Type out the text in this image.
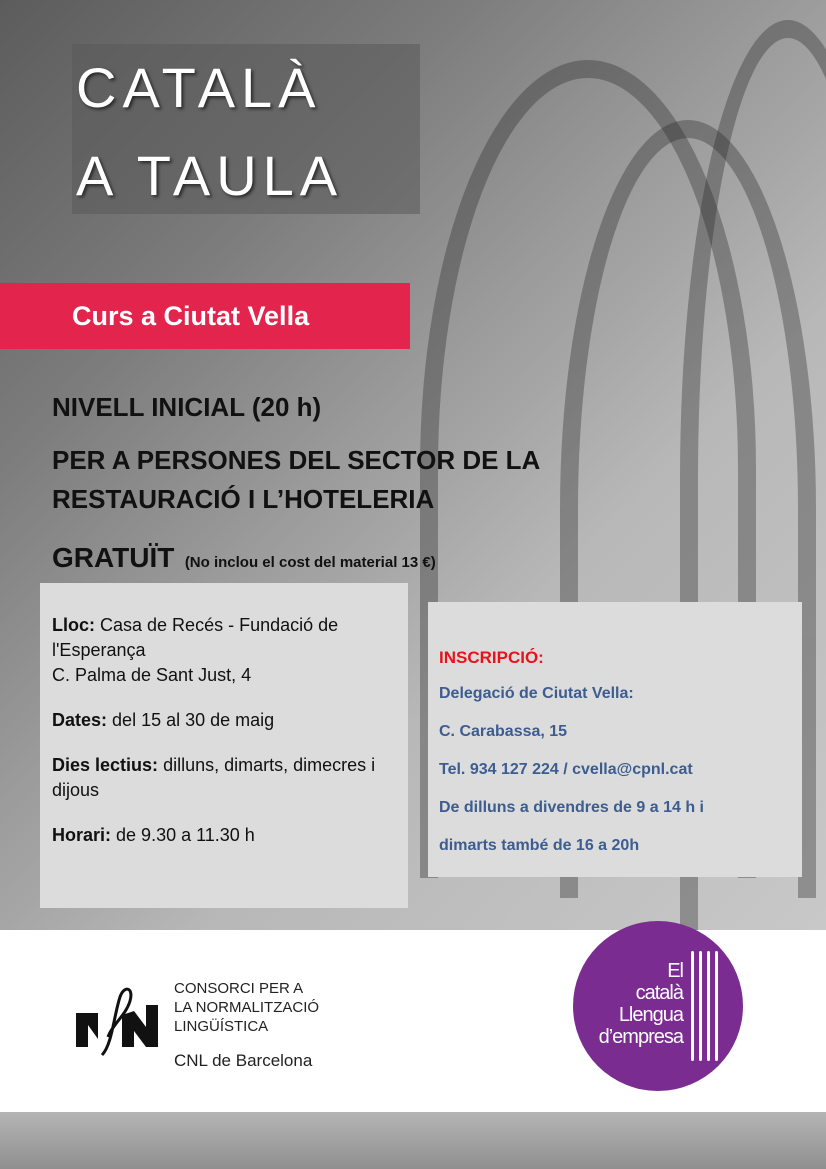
CATALÀ
A TAULA
Curs a Ciutat Vella
NIVELL INICIAL (20 h)
PER A PERSONES DEL SECTOR DE LA
RESTAURACIÓ I L’HOTELERIA
GRATUÏT (No inclou el cost del material 13 €)

Lloc: Casa de Recés - Fundació de l'Esperança
C. Palma de Sant Just, 4

Dates: del 15 al 30 de maig

Dies lectius: dilluns, dimarts, dimecres i dijous

Horari: de 9.30 a 11.30 h

INSCRIPCIÓ:
Delegació de Ciutat Vella:
C. Carabassa, 15
Tel. 934 127 224 / cvella@cpnl.cat
De dilluns a divendres de 9 a 14 h i
dimarts també de 16 a 20h
CONSORCI PER A
LA NORMALITZACIÓ
LINGÜÍSTICA
CNL de Barcelona
El
català
Llengua
d’empresa
